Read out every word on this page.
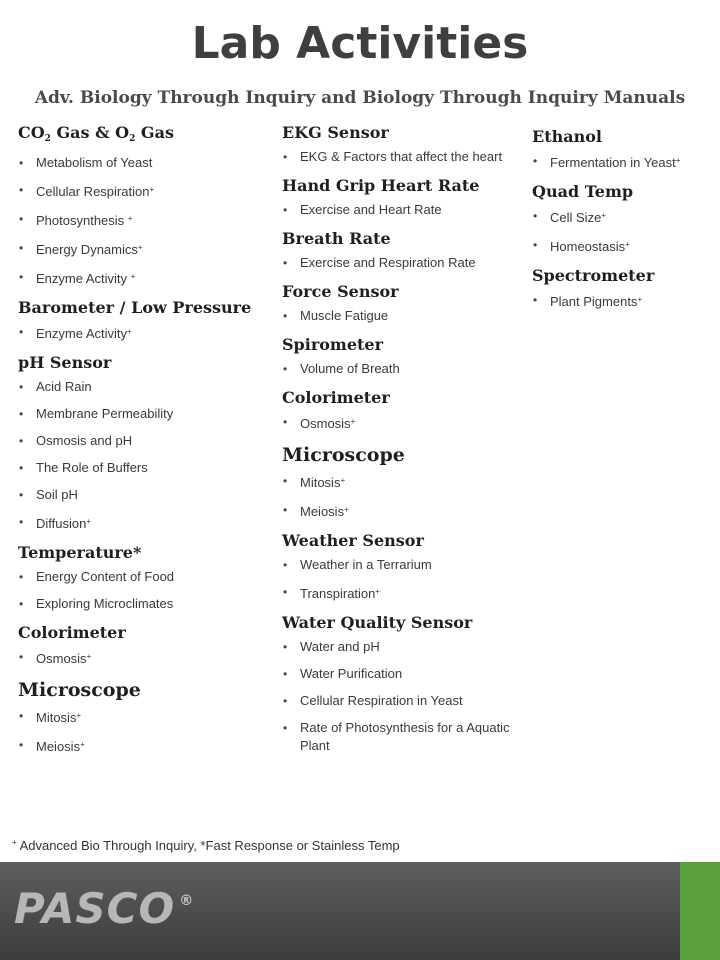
Lab Activities
Adv. Biology Through Inquiry and Biology Through Inquiry Manuals
$CO_2$ Gas & $O_2$ Gas
• Metabolism of Yeast
• Cellular Respiration+
• Photosynthesis +
• Energy Dynamics+
• Enzyme Activity +
Barometer / Low Pressure
• Enzyme Activity+
pH Sensor
• Acid Rain
• Membrane Permeability
• Osmosis and pH
• The Role of Buffers
• Soil pH
• Diffusion+
Temperature*
• Energy Content of Food
• Exploring Microclimates
Colorimeter
• Osmosis+
Microscope
• Mitosis+
• Meiosis+
EKG Sensor
• EKG & Factors that affect the heart
Hand Grip Heart Rate
• Exercise and Heart Rate
Breath Rate
• Exercise and Respiration Rate
Force Sensor
• Muscle Fatigue
Spirometer
• Volume of Breath
Colorimeter
• Osmosis+
Microscope
• Mitosis+
• Meiosis+
Weather Sensor
• Weather in a Terrarium
• Transpiration+
Water Quality Sensor
• Water and pH
• Water Purification
• Cellular Respiration in Yeast
• Rate of Photosynthesis for a Aquatic Plant
Ethanol
• Fermentation in Yeast+
Quad Temp
• Cell Size+
• Homeostasis+
Spectrometer
• Plant Pigments+
+ Advanced Bio Through Inquiry, *Fast Response or Stainless Temp
PASCO ®
